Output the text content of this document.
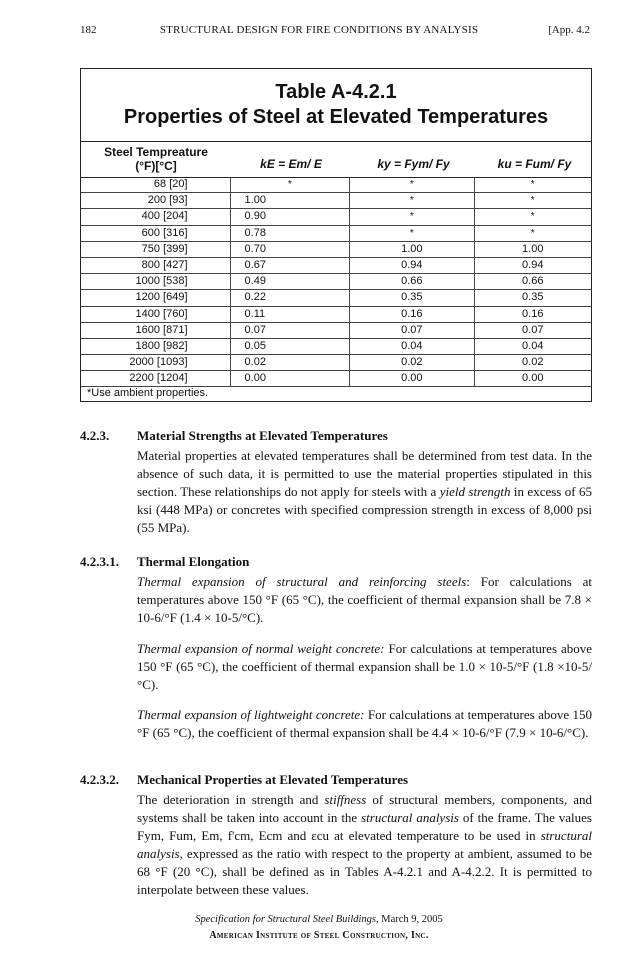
182	STRUCTURAL DESIGN FOR FIRE CONDITIONS BY ANALYSIS	[App. 4.2
Table A-4.2.1
Properties of Steel at Elevated Temperatures
Steel Tempreature
(°F)[°C]	kE = Em/ E	ky = Fym/ Fy	ku = Fum/ Fy
68 [20]	*	*	*
200 [93]	1.00	*	*
400 [204]	0.90	*	*
600 [316]	0.78	*	*
750 [399]	0.70	1.00	1.00
800 [427]	0.67	0.94	0.94
1000 [538]	0.49	0.66	0.66
1200 [649]	0.22	0.35	0.35
1400 [760]	0.11	0.16	0.16
1600 [871]	0.07	0.07	0.07
1800 [982]	0.05	0.04	0.04
2000 [1093]	0.02	0.02	0.02
2200 [1204]	0.00	0.00	0.00
*Use ambient properties.
4.2.3. Material Strengths at Elevated Temperatures
Material properties at elevated temperatures shall be determined from test data. In the absence of such data, it is permitted to use the material properties stipulated in this section. These relationships do not apply for steels with a yield strength in excess of 65 ksi (448 MPa) or concretes with specified compression strength in excess of 8,000 psi (55 MPa).
4.2.3.1. Thermal Elongation
Thermal expansion of structural and reinforcing steels: For calculations at temperatures above 150 °F (65 °C), the coefficient of thermal expansion shall be 7.8 × 10-6/°F (1.4 × 10-5/°C).
Thermal expansion of normal weight concrete: For calculations at temperatures above 150 °F (65 °C), the coefficient of thermal expansion shall be 1.0 × 10-5/°F (1.8 ×10-5/°C).
Thermal expansion of lightweight concrete: For calculations at temperatures above 150 °F (65 °C), the coefficient of thermal expansion shall be 4.4 × 10-6/°F (7.9 × 10-6/°C).
4.2.3.2. Mechanical Properties at Elevated Temperatures
The deterioration in strength and stiffness of structural members, components, and systems shall be taken into account in the structural analysis of the frame. The values Fym, Fum, Em, f'cm, Ecm and εcu at elevated temperature to be used in structural analysis, expressed as the ratio with respect to the property at ambient, assumed to be 68 °F (20 °C), shall be defined as in Tables A-4.2.1 and A-4.2.2. It is permitted to interpolate between these values.
Specification for Structural Steel Buildings, March 9, 2005
American Institute of Steel Construction, Inc.
